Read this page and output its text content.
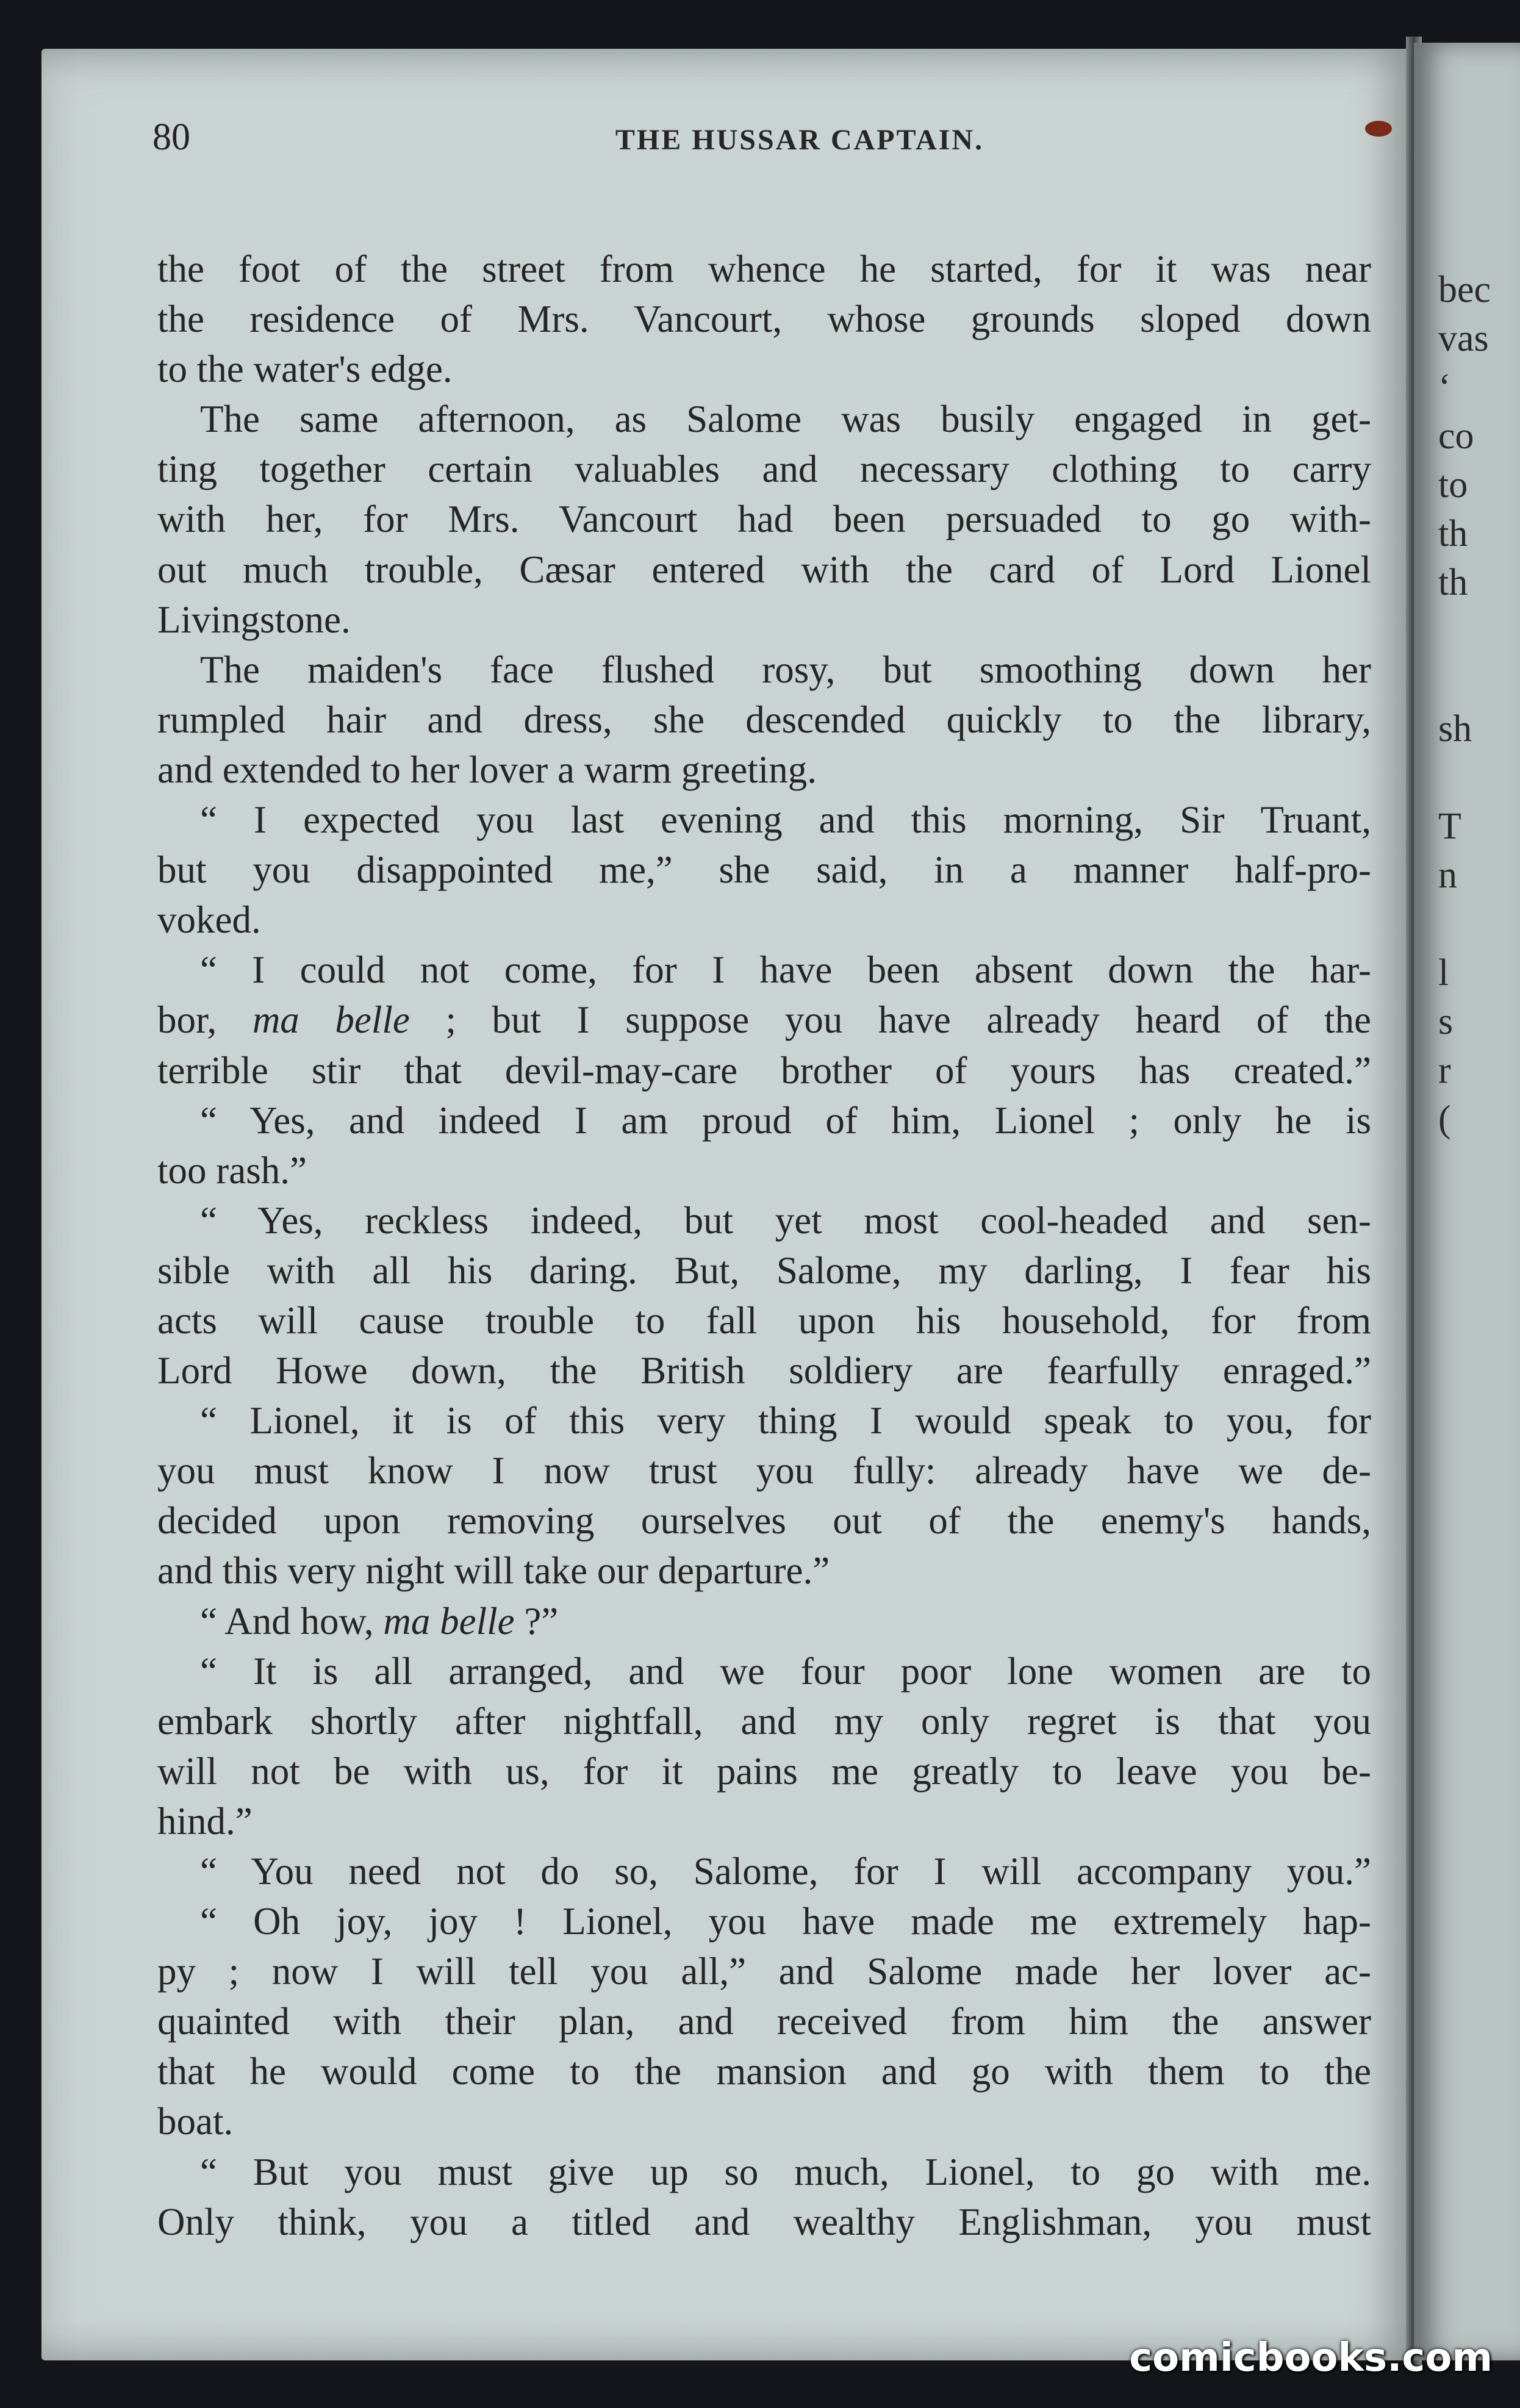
bec
vas
‘
co
to
th
th
sh
T
n
l
s
r
(
80	THE HUSSAR CAPTAIN.

the foot of the street from whence he started, for it was near

the residence of Mrs. Vancourt, whose grounds sloped down

to the water's edge.

The same afternoon, as Salome was busily engaged in get-

ting together certain valuables and necessary clothing to carry

with her, for Mrs. Vancourt had been persuaded to go with-

out much trouble, Cæsar entered with the card of Lord Lionel

Livingstone.

The maiden's face flushed rosy, but smoothing down her

rumpled hair and dress, she descended quickly to the library,

and extended to her lover a warm greeting.

“ I expected you last evening and this morning, Sir Truant,

but you disappointed me,” she said, in a manner half-pro-

voked.

“ I could not come, for I have been absent down the har-

bor, ma belle ; but I suppose you have already heard of the

terrible stir that devil-may-care brother of yours has created.”

“ Yes, and indeed I am proud of him, Lionel ; only he is

too rash.”

“ Yes, reckless indeed, but yet most cool-headed and sen-

sible with all his daring. But, Salome, my darling, I fear his

acts will cause trouble to fall upon his household, for from

Lord Howe down, the British soldiery are fearfully enraged.”

“ Lionel, it is of this very thing I would speak to you, for

you must know I now trust you fully: already have we de-

decided upon removing ourselves out of the enemy's hands,

and this very night will take our departure.”

“ And how, ma belle ?”

“ It is all arranged, and we four poor lone women are to

embark shortly after nightfall, and my only regret is that you

will not be with us, for it pains me greatly to leave you be-

hind.”

“ You need not do so, Salome, for I will accompany you.”

“ Oh joy, joy ! Lionel, you have made me extremely hap-

py ; now I will tell you all,” and Salome made her lover ac-

quainted with their plan, and received from him the answer

that he would come to the mansion and go with them to the

boat.

“ But you must give up so much, Lionel, to go with me.

Only think, you a titled and wealthy Englishman, you must

comicbooks.com
